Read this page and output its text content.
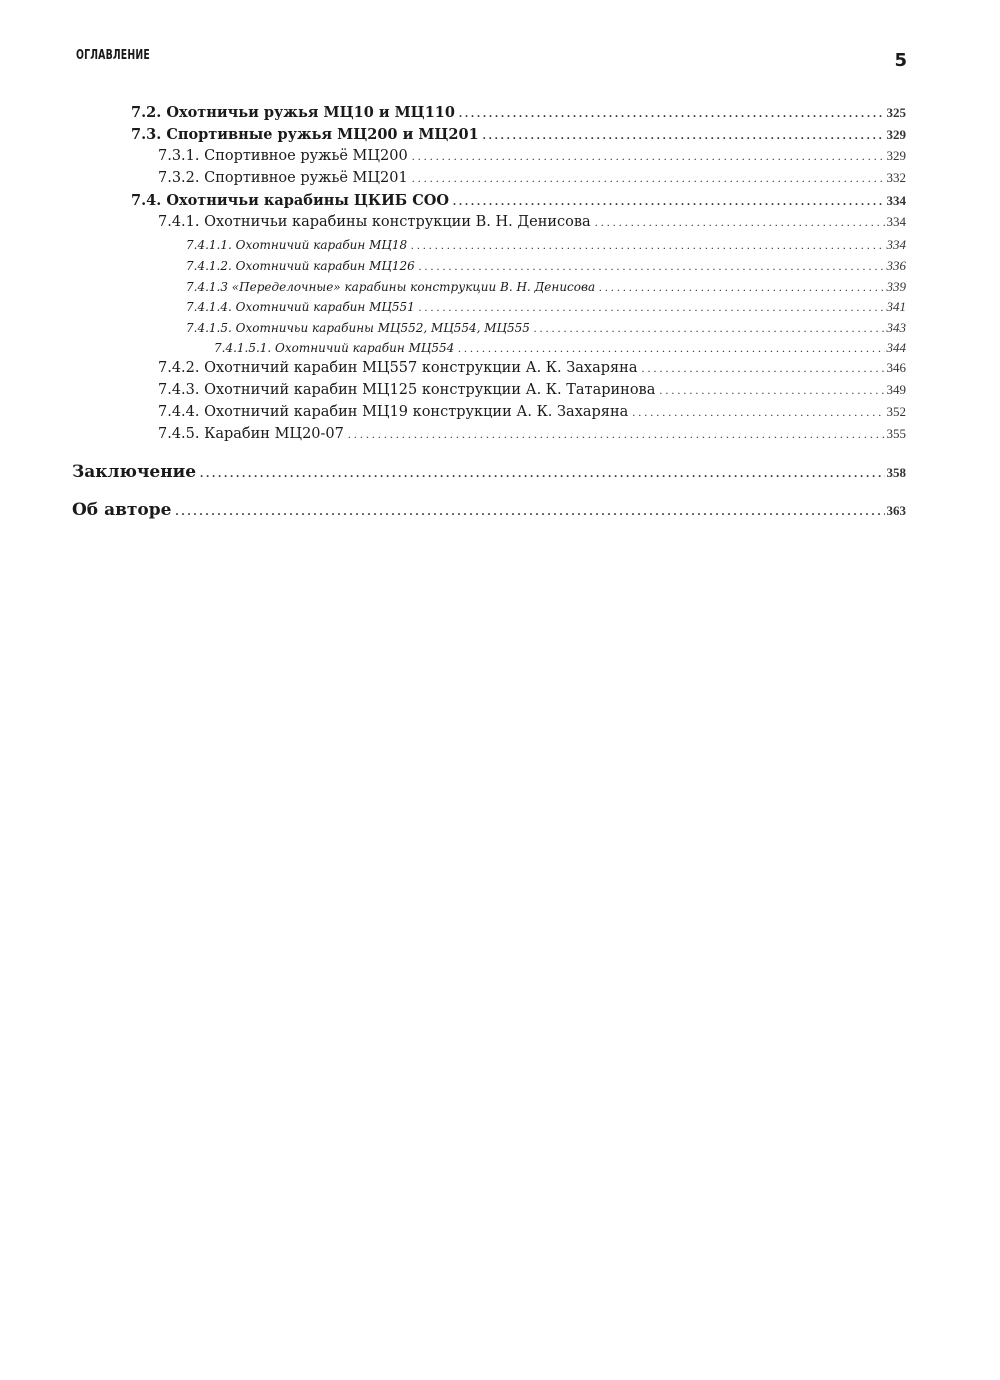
ОГЛАВЛЕНИЕ	5
7.2. Охотничьи ружья МЦ10 и МЦ110 . . .	325
7.3. Спортивные ружья МЦ200 и МЦ201 . . .	329
7.3.1. Спортивное ружьё МЦ200 . . .	329
7.3.2. Спортивное ружьё МЦ201 . . .	332
7.4. Охотничьи карабины ЦКИБ СОО . . .	334
7.4.1. Охотничьи карабины конструкции В. Н. Денисова . . .	334
7.4.1.1. Охотничий карабин МЦ18 . . .	334
7.4.1.2. Охотничий карабин МЦ126 . . .	336
7.4.1.3 «Переделочные» карабины конструкции В. Н. Денисова . . .	339
7.4.1.4. Охотничий карабин МЦ551 . . .	341
7.4.1.5. Охотничьи карабины МЦ552, МЦ554, МЦ555 . . .	343
7.4.1.5.1. Охотничий карабин МЦ554 . . .	344
7.4.2. Охотничий карабин МЦ557 конструкции А. К. Захаряна . . .	346
7.4.3. Охотничий карабин МЦ125 конструкции А. К. Татаринова . . .	349
7.4.4. Охотничий карабин МЦ19 конструкции А. К. Захаряна . . .	352
7.4.5. Карабин МЦ20-07 . . .	355
Заключение . . .	358
Об авторе . . .	363
